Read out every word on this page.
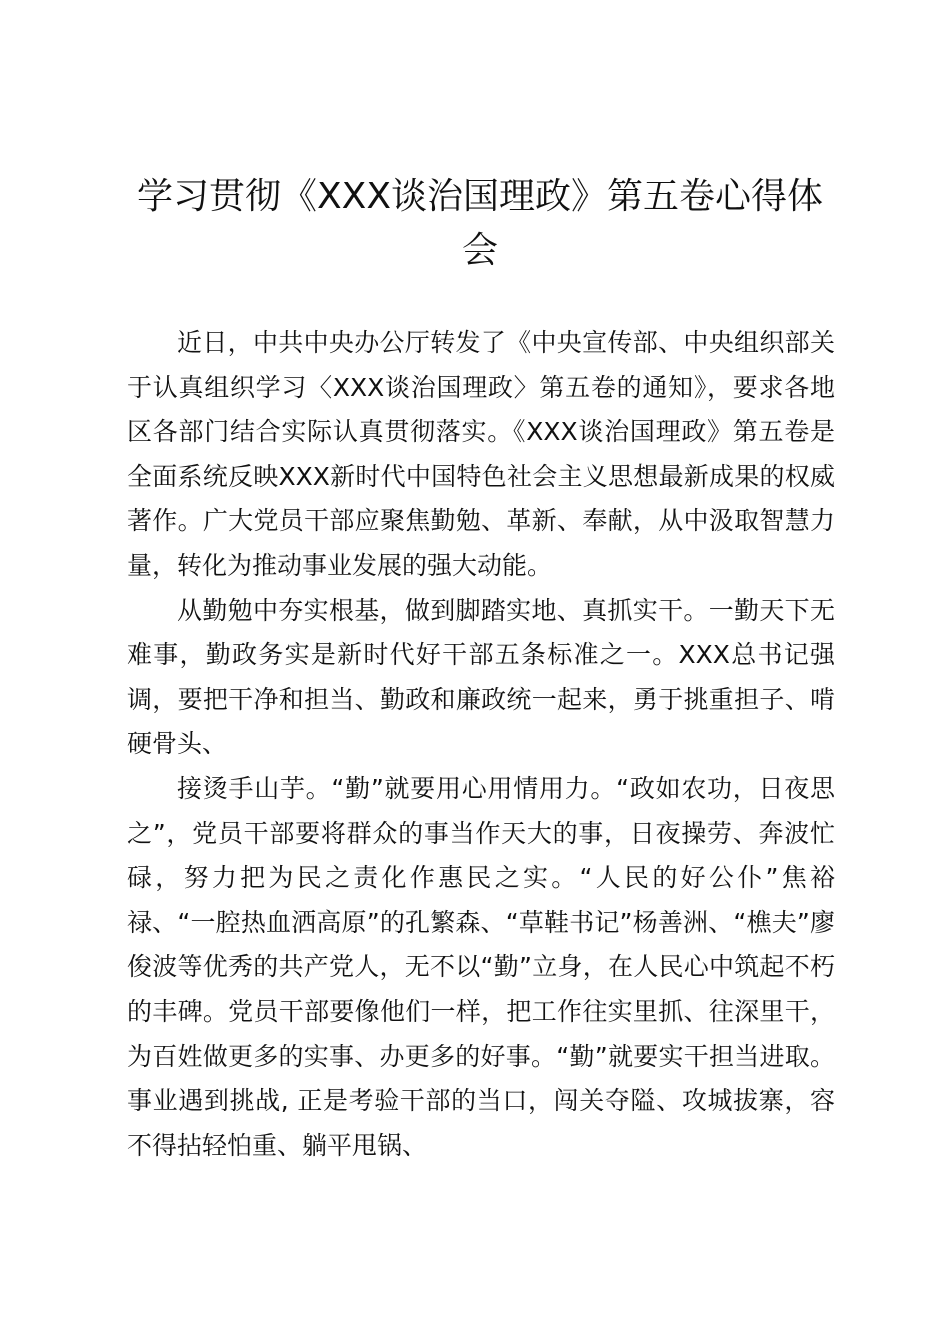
学习贯彻《XXX谈治国理政》第五卷心得体会

近日，中共中央办公厅转发了《中央宣传部、中央组织部关于认真组织学习〈XXX谈治国理政〉第五卷的通知》，要求各地区各部门结合实际认真贯彻落实。《XXX谈治国理政》第五卷是全面系统反映XXX新时代中国特色社会主义思想最新成果的权威著作。广大党员干部应聚焦勤勉、革新、奉献，从中汲取智慧力量，转化为推动事业发展的强大动能。

从勤勉中夯实根基，做到脚踏实地、真抓实干。一勤天下无难事，勤政务实是新时代好干部五条标准之一。XXX总书记强调，要把干净和担当、勤政和廉政统一起来，勇于挑重担子、啃硬骨头、

接烫手山芋。“勤”就要用心用情用力。“政如农功，日夜思之”，党员干部要将群众的事当作天大的事，日夜操劳、奔波忙碌，努力把为民之责化作惠民之实。“人民的好公仆”焦裕禄、“一腔热血洒高原”的孔繁森、“草鞋书记”杨善洲、“樵夫”廖俊波等优秀的共产党人，无不以“勤”立身，在人民心中筑起不朽的丰碑。党员干部要像他们一样，把工作往实里抓、往深里干，为百姓做更多的实事、办更多的好事。“勤”就要实干担当进取。事业遇到挑战, 正是考验干部的当口，闯关夺隘、攻城拔寨，容不得拈轻怕重、躺平甩锅、
